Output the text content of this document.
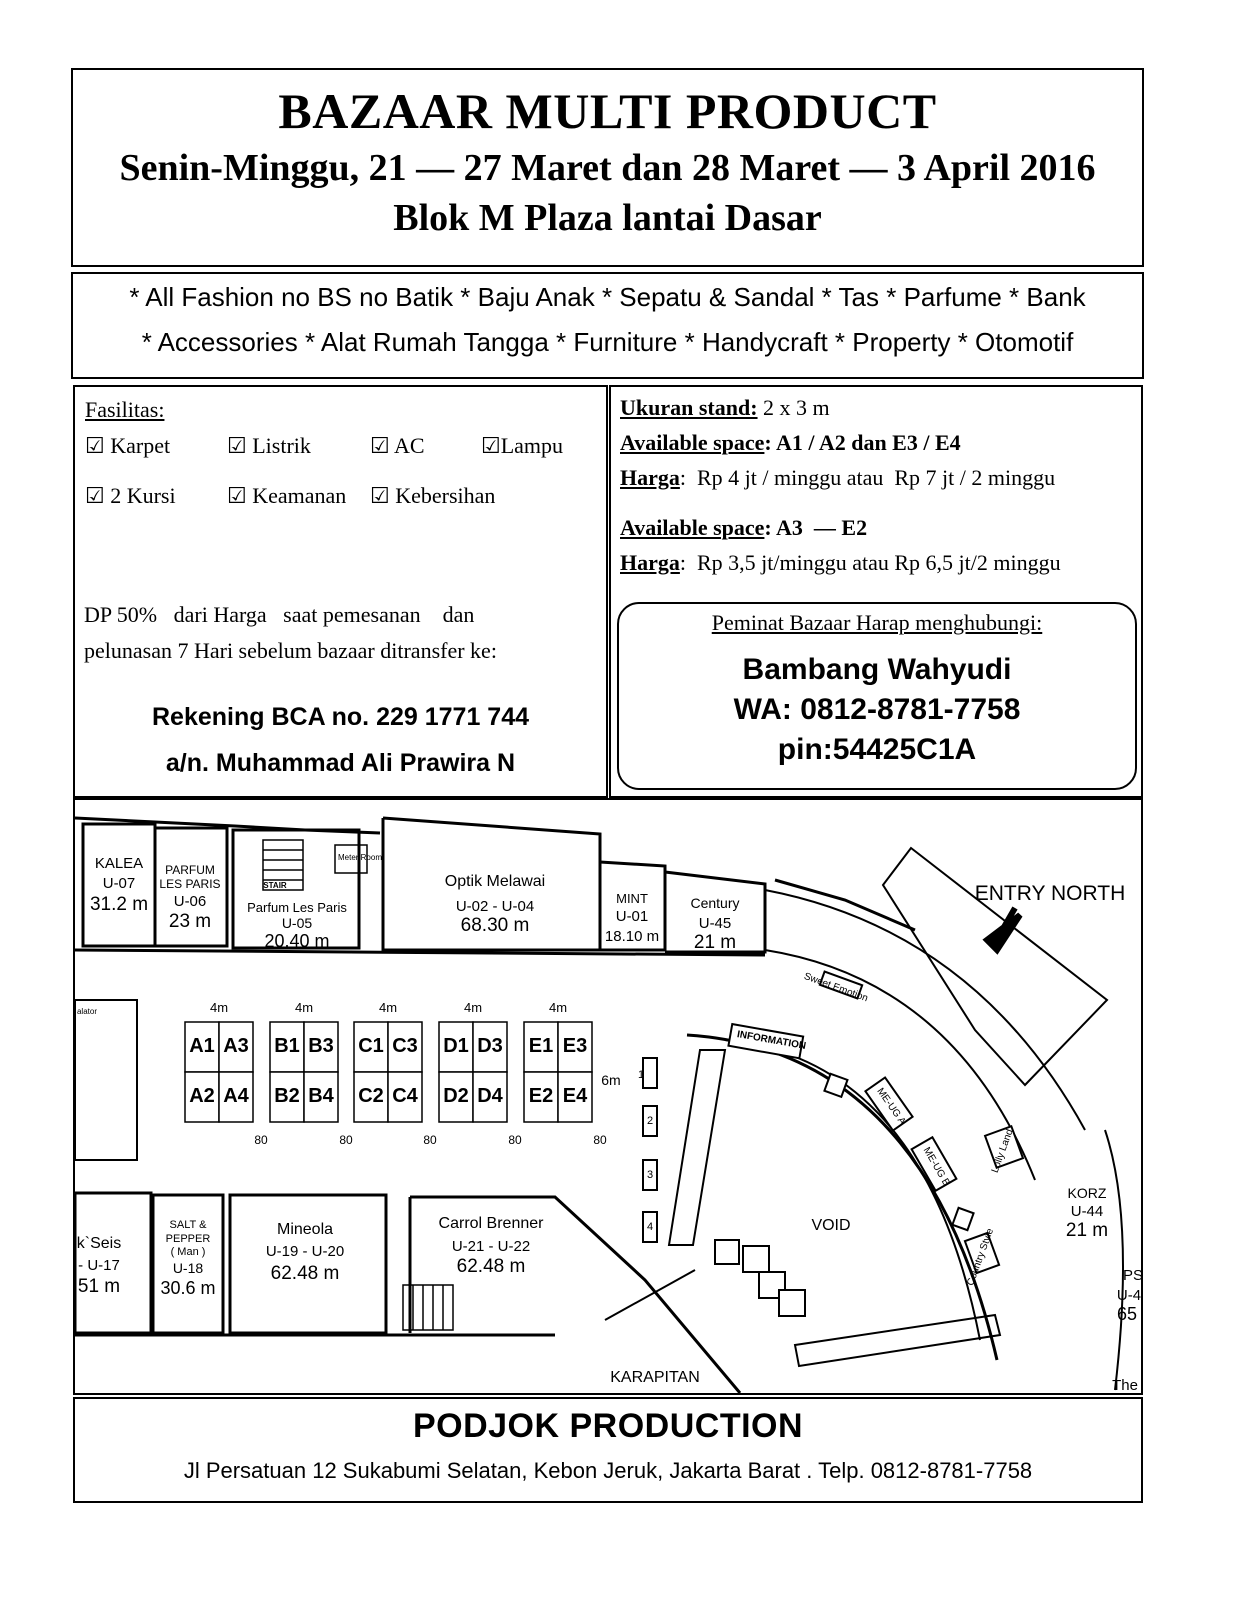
BAZAAR MULTI PRODUCT
Senin-Minggu, 21 — 27 Maret dan 28 Maret — 3 April 2016
Blok M Plaza lantai Dasar
* All Fashion no BS no Batik * Baju Anak * Sepatu & Sandal * Tas * Parfume * Bank
* Accessories * Alat Rumah Tangga * Furniture * Handycraft * Property * Otomotif
Fasilitas:
☑ Karpet	☑ Listrik	☑ AC	☑Lampu
☑ 2 Kursi ☑ Keamanan ☑ Kebersihan
DP 50%   dari Harga   saat pemesanan    dan
pelunasan 7 Hari sebelum bazaar ditransfer ke:
Rekening BCA no. 229 1771 744
a/n. Muhammad Ali Prawira N
Ukuran stand: 2 x 3 m
Available space: A1 / A2 dan E3 / E4
Harga:  Rp 4 jt / minggu atau  Rp 7 jt / 2 minggu
Available space: A3  — E2
Harga:  Rp 3,5 jt/minggu atau Rp 6,5 jt/2 minggu
Peminat Bazaar Harap menghubungi:
Bambang Wahyudi
WA: 0812-8781-7758
pin:54425C1A
KALEA
U-07
31.2 m
PARFUM
LES PARIS
U-06
23 m
Parfum Les Paris
U-05
20.40 m
Optik Melawai
U-02 - U-04
68.30 m
MINT
U-01
18.10 m
Century
U-45
21 m
KORZ
U-44
21 m
k`Seis
- U-17
51 m
SALT &
PEPPER
( Man )
U-18
30.6 m
Mineola
U-19 - U-20
62.48 m
Carrol Brenner
U-21 - U-22
62.48 m	PS
U-4
65
The
ENTRY NORTH
VOID
KARAPITAN
INFORMATION
6m 1
2
3
4
Sweet Emotion
ME-UG A
ME-UG B	Lolly Land
Country Style
Meter Room
STAIR
alator	4m
A1 A3
A2 A4
80
4m
B1 B3
B2 B4
80
4m
C1 C3
C2 C4
80
4m
D1 D3
D2 D4
80
4m
E1 E3
E2 E4
80
PODJOK PRODUCTION
Jl Persatuan 12 Sukabumi Selatan, Kebon Jeruk, Jakarta Barat . Telp. 0812-8781-7758
